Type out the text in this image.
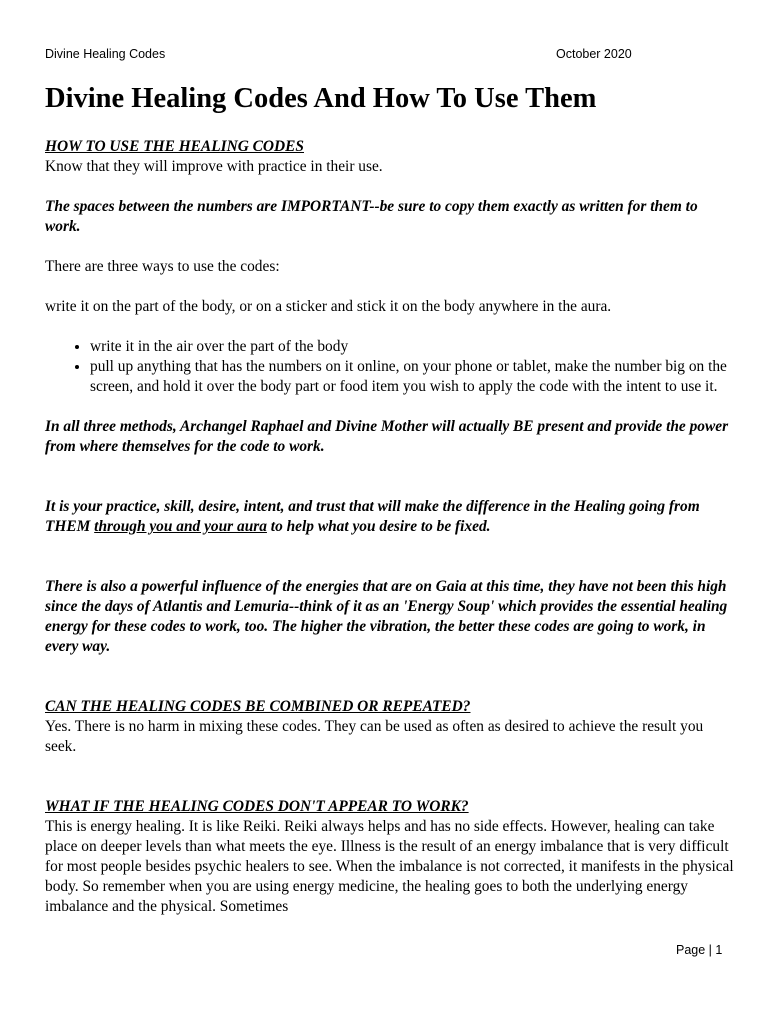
Divine Healing Codes	October 2020
Divine Healing Codes And How To Use Them

HOW TO USE THE HEALING CODES

Know that they will improve with practice in their use.

The spaces between the numbers are IMPORTANT--be sure to copy them exactly as written for them to work.

There are three ways to use the codes:

write it on the part of the body, or on a sticker and stick it on the body anywhere in the aura.

• write it in the air over the part of the body
• pull up anything that has the numbers on it online, on your phone or tablet, make the number big on the screen, and hold it over the body part or food item you wish to apply the code with the intent to use it.

In all three methods, Archangel Raphael and Divine Mother will actually BE present and provide the power from where themselves for the code to work.

It is your practice, skill, desire, intent, and trust that will make the difference in the Healing going from THEM through you and your aura to help what you desire to be fixed.

There is also a powerful influence of the energies that are on Gaia at this time, they have not been this high since the days of Atlantis and Lemuria--think of it as an 'Energy Soup' which provides the essential healing energy for these codes to work, too. The higher the vibration, the better these codes are going to work, in every way.

CAN THE HEALING CODES BE COMBINED OR REPEATED?

Yes. There is no harm in mixing these codes. They can be used as often as desired to achieve the result you seek.

WHAT IF THE HEALING CODES DON'T APPEAR TO WORK?

This is energy healing. It is like Reiki. Reiki always helps and has no side effects. However, healing can take place on deeper levels than what meets the eye. Illness is the result of an energy imbalance that is very difficult for most people besides psychic healers to see. When the imbalance is not corrected, it manifests in the physical body. So remember when you are using energy medicine, the healing goes to both the underlying energy imbalance and the physical. Sometimes

Page | 1
